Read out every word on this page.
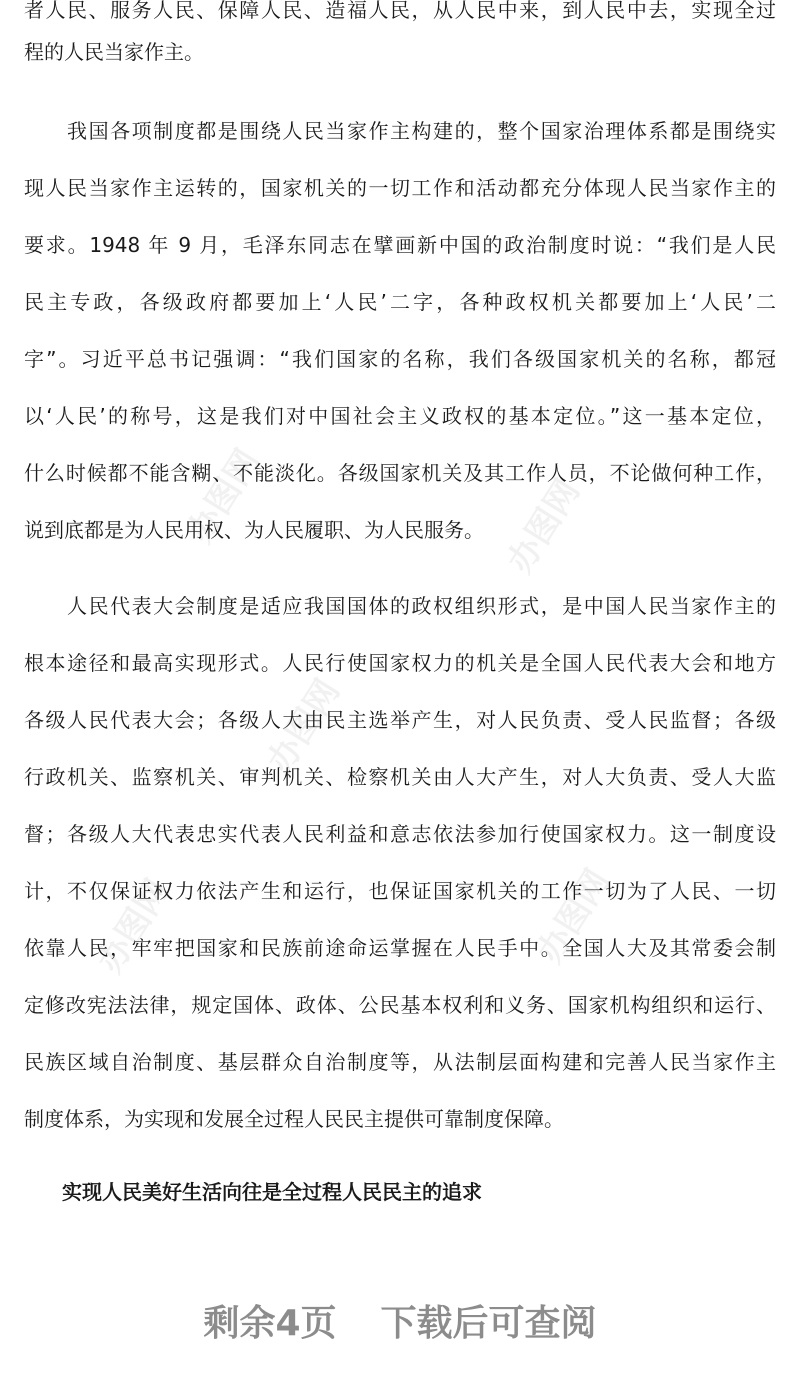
办图网	办图网
办图网
办图网	办图网
者人民、服务人民、保障人民、造福人民，从人民中来，到人民中去，实现全过
程的人民当家作主。
　　我国各项制度都是围绕人民当家作主构建的，整个国家治理体系都是围绕实
现人民当家作主运转的，国家机关的一切工作和活动都充分体现人民当家作主的
要求。1948 年 9 月，毛泽东同志在擘画新中国的政治制度时说：“我们是人民
民主专政，各级政府都要加上‘人民’二字，各种政权机关都要加上‘人民’二
字”。习近平总书记强调：“我们国家的名称，我们各级国家机关的名称，都冠
以‘人民’的称号，这是我们对中国社会主义政权的基本定位。”这一基本定位，
什么时候都不能含糊、不能淡化。各级国家机关及其工作人员，不论做何种工作，
说到底都是为人民用权、为人民履职、为人民服务。
　　人民代表大会制度是适应我国国体的政权组织形式，是中国人民当家作主的
根本途径和最高实现形式。人民行使国家权力的机关是全国人民代表大会和地方
各级人民代表大会；各级人大由民主选举产生，对人民负责、受人民监督；各级
行政机关、监察机关、审判机关、检察机关由人大产生，对人大负责、受人大监
督；各级人大代表忠实代表人民利益和意志依法参加行使国家权力。这一制度设
计，不仅保证权力依法产生和运行，也保证国家机关的工作一切为了人民、一切
依靠人民，牢牢把国家和民族前途命运掌握在人民手中。全国人大及其常委会制
定修改宪法法律，规定国体、政体、公民基本权利和义务、国家机构组织和运行、
民族区域自治制度、基层群众自治制度等，从法制层面构建和完善人民当家作主
制度体系，为实现和发展全过程人民民主提供可靠制度保障。
实现人民美好生活向往是全过程人民民主的追求
剩余4页 下载后可查阅
